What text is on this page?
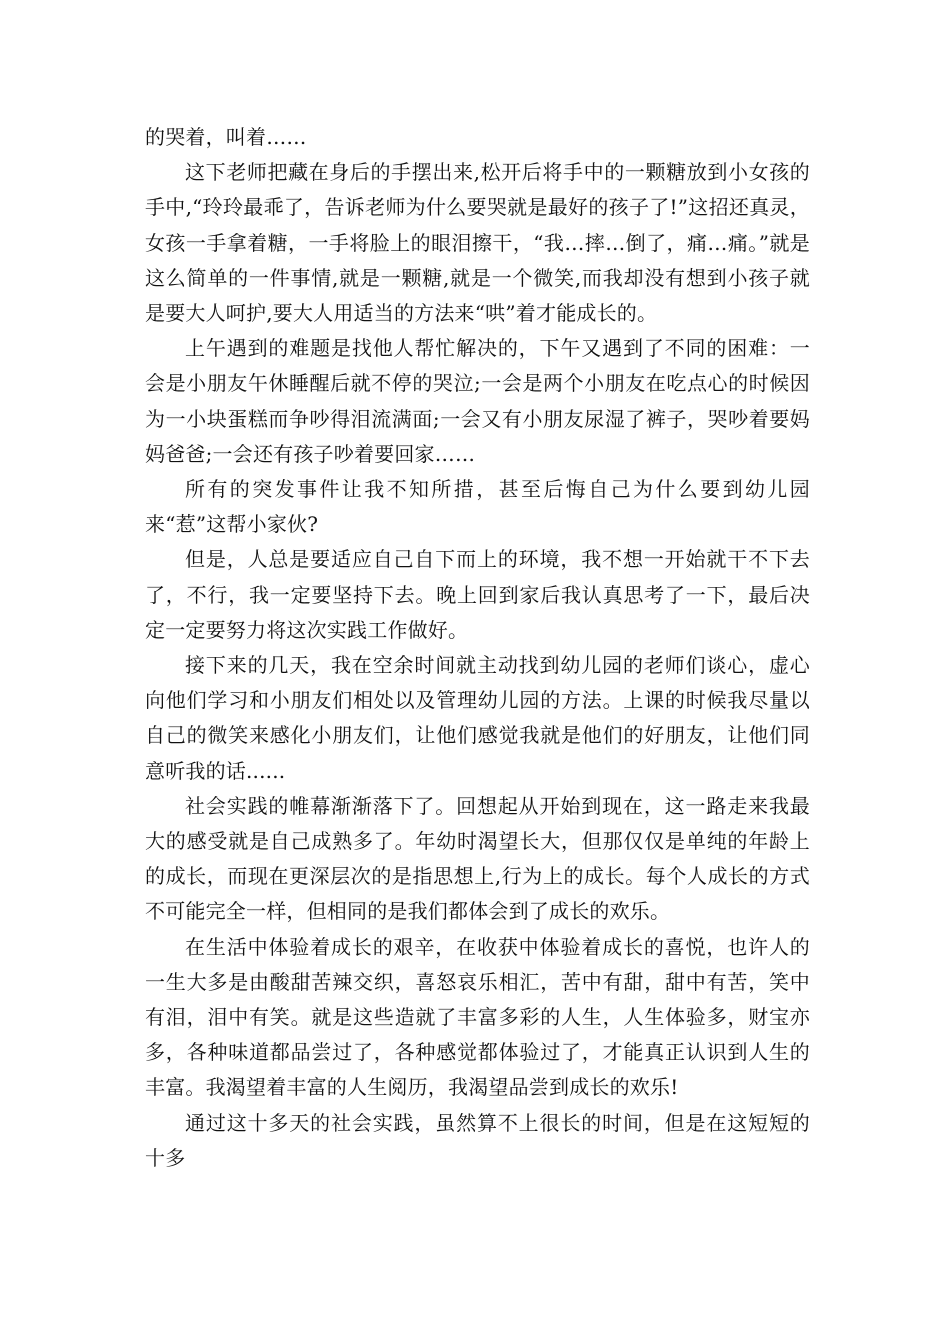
的哭着，叫着……

这下老师把藏在身后的手摆出来,松开后将手中的一颗糖放到小女孩的手中,“玲玲最乖了，告诉老师为什么要哭就是最好的孩子了!”这招还真灵，女孩一手拿着糖，一手将脸上的眼泪擦干，“我…摔…倒了，痛…痛。”就是这么简单的一件事情,就是一颗糖,就是一个微笑,而我却没有想到小孩子就是要大人呵护,要大人用适当的方法来“哄”着才能成长的。

上午遇到的难题是找他人帮忙解决的，下午又遇到了不同的困难：一会是小朋友午休睡醒后就不停的哭泣;一会是两个小朋友在吃点心的时候因为一小块蛋糕而争吵得泪流满面;一会又有小朋友尿湿了裤子，哭吵着要妈妈爸爸;一会还有孩子吵着要回家……

所有的突发事件让我不知所措，甚至后悔自己为什么要到幼儿园来“惹”这帮小家伙?

但是，人总是要适应自己自下而上的环境，我不想一开始就干不下去了，不行，我一定要坚持下去。晚上回到家后我认真思考了一下，最后决定一定要努力将这次实践工作做好。

接下来的几天，我在空余时间就主动找到幼儿园的老师们谈心，虚心向他们学习和小朋友们相处以及管理幼儿园的方法。上课的时候我尽量以自己的微笑来感化小朋友们，让他们感觉我就是他们的好朋友，让他们同意听我的话......

社会实践的帷幕渐渐落下了。回想起从开始到现在，这一路走来我最大的感受就是自己成熟多了。年幼时渴望长大，但那仅仅是单纯的年龄上的成长，而现在更深层次的是指思想上,行为上的成长。每个人成长的方式不可能完全一样，但相同的是我们都体会到了成长的欢乐。

在生活中体验着成长的艰辛，在收获中体验着成长的喜悦，也许人的一生大多是由酸甜苦辣交织，喜怒哀乐相汇，苦中有甜，甜中有苦，笑中有泪，泪中有笑。就是这些造就了丰富多彩的人生，人生体验多，财宝亦多，各种味道都品尝过了，各种感觉都体验过了，才能真正认识到人生的丰富。我渴望着丰富的人生阅历，我渴望品尝到成长的欢乐!

通过这十多天的社会实践，虽然算不上很长的时间，但是在这短短的十多
